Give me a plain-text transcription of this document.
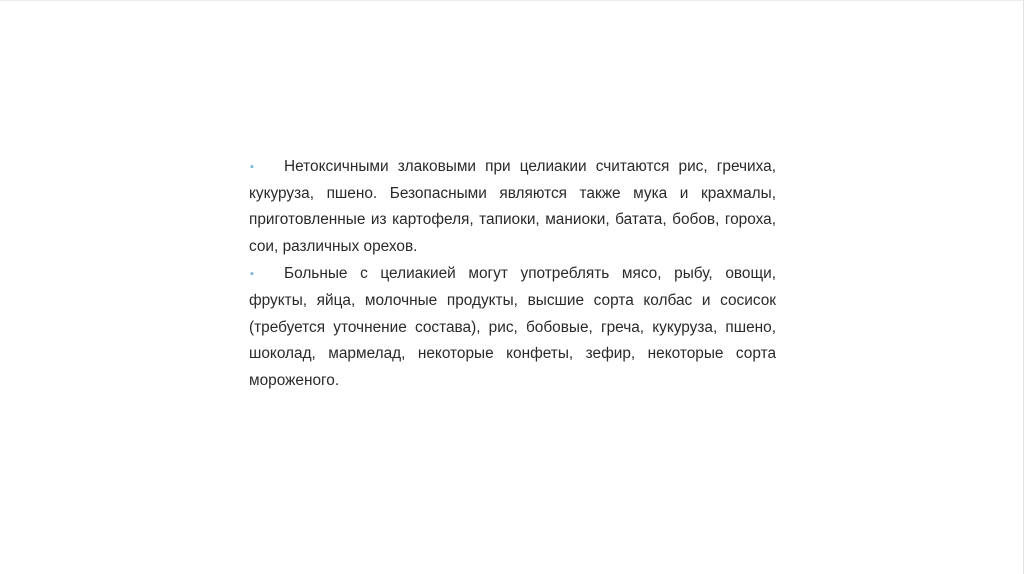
▪	Нетоксичными злаковыми при целиакии считаются рис, гречиха, кукуруза, пшено. Безопасными являются также мука и крахмалы, приготовленные из картофеля, тапиоки, маниоки, батата, бобов, гороха, сои, различных орехов.
▪	Больные с целиакией могут употреблять мясо, рыбу, овощи, фрукты, яйца, молочные продукты, высшие сорта колбас и сосисок (требуется уточнение состава), рис, бобовые, греча, кукуруза, пшено, шоколад, мармелад, некоторые конфеты, зефир, некоторые сорта мороженого.
